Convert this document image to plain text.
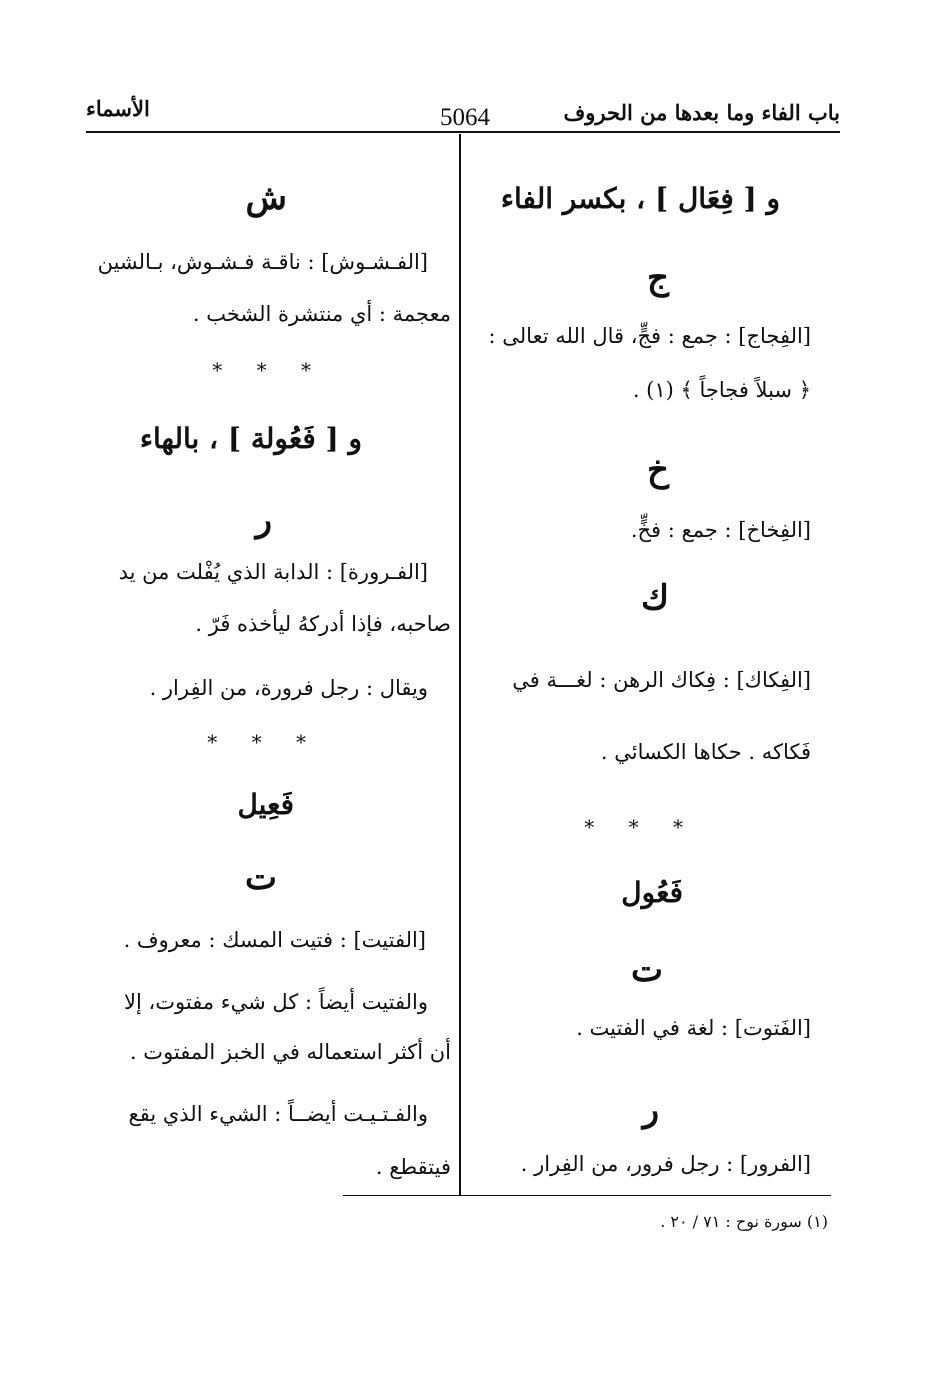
باب الفاء وما بعدها من الحروف
5064
الأسماء
و [ فِعَال ] ، بكسر الفاء
ج
[الفِجاج] : جمع : فجٍّ، قال الله تعالى :
﴿ سبلاً فجاجاً ﴾ (١) .
خ
[الفِخاخ] : جمع : فخٍّ.
ك
[الفِكاك] : فِكاك الرهن : لغـــة في
فَكاكه . حكاها الكسائي .
* * *
فَعُول
ت
[الفَتوت] : لغة في الفتيت .
ر
[الفرور] : رجل فرور، من الفِرار .
ش
[الفـشـوش] : ناقـة فـشـوش، بـالشين
معجمة : أي منتشرة الشخب .
* * *
و [ فَعُولة ] ، بالهاء
ر
[الفـرورة] : الدابة الذي يُفْلت من يد
صاحبه، فإذا أدركهُ ليأخذه فَرّ .
ويقال : رجل فرورة، من الفِرار .
* * *
فَعِيل
ت
[الفتيت] : فتيت المسك : معروف .
والفتيت أيضاً : كل شيء مفتوت، إلا
أن أكثر استعماله في الخبز المفتوت .
والفـتـيـت أيضــاً : الشيء الذي يقع
فيتقطع .
(١) سورة نوح : ٧١ / ٢٠ .
